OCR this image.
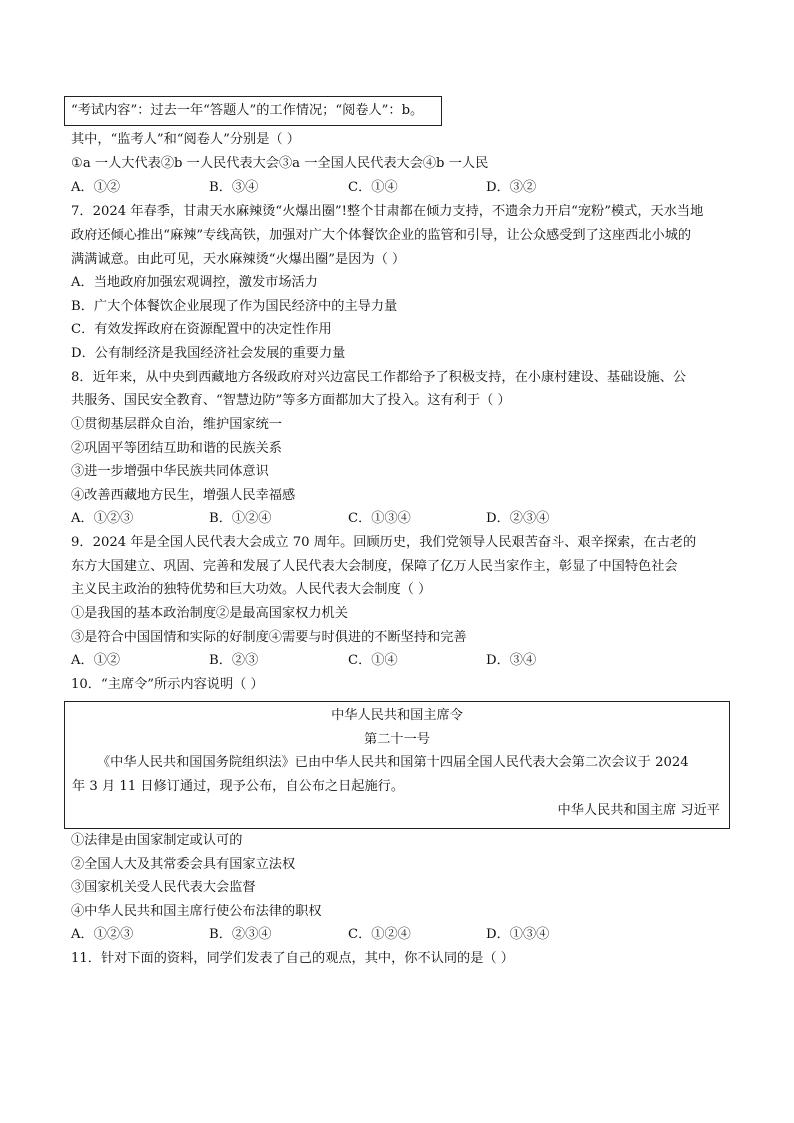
“考试内容”：过去一年“答题人”的工作情况；“阅卷人”：b。
其中，“监考人”和“阅卷人”分别是（ ）
①a 一人大代表②b 一人民代表大会③a 一全国人民代表大会④b 一人民
A．①②	B．③④	C．①④	D．③②
7．2024 年春季，甘肃天水麻辣烫“火爆出圈”!整个甘肃都在倾力支持，不遗余力开启“宠粉”模式，天水当地
政府还倾心推出“麻辣”专线高铁，加强对广大个体餐饮企业的监管和引导，让公众感受到了这座西北小城的
满满诚意。由此可见，天水麻辣烫“火爆出圈”是因为（ ）
A．当地政府加强宏观调控，激发市场活力
B．广大个体餐饮企业展现了作为国民经济中的主导力量
C．有效发挥政府在资源配置中的决定性作用
D．公有制经济是我国经济社会发展的重要力量
8．近年来，从中央到西藏地方各级政府对兴边富民工作都给予了积极支持，在小康村建设、基础设施、公
共服务、国民安全教育、“智慧边防”等多方面都加大了投入。这有利于（ ）
①贯彻基层群众自治，维护国家统一
②巩固平等团结互助和谐的民族关系
③进一步增强中华民族共同体意识
④改善西藏地方民生，增强人民幸福感
A．①②③	B．①②④	C．①③④	D．②③④
9．2024 年是全国人民代表大会成立 70 周年。回顾历史，我们党领导人民艰苦奋斗、艰辛探索，在古老的
东方大国建立、巩固、完善和发展了人民代表大会制度，保障了亿万人民当家作主，彰显了中国特色社会
主义民主政治的独特优势和巨大功效。人民代表大会制度（ ）
①是我国的基本政治制度②是最高国家权力机关
③是符合中国国情和实际的好制度④需要与时俱进的不断坚持和完善
A．①②	B．②③	C．①④	D．③④
10．“主席令”所示内容说明（ ）
中华人民共和国主席令
第二十一号
《中华人民共和国国务院组织法》已由中华人民共和国第十四届全国人民代表大会第二次会议于 2024
年 3 月 11 日修订通过，现予公布，自公布之日起施行。
中华人民共和国主席 习近平
①法律是由国家制定或认可的
②全国人大及其常委会具有国家立法权
③国家机关受人民代表大会监督
④中华人民共和国主席行使公布法律的职权
A．①②③	B．②③④	C．①②④	D．①③④
11．针对下面的资料，同学们发表了自己的观点，其中，你不认同的是（ ）
